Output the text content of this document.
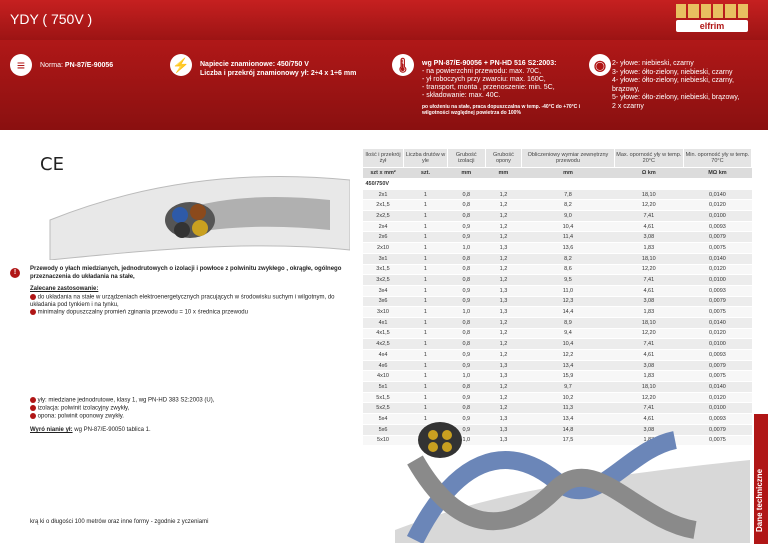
YDY ( 750V )	elfrim
≡	Norma: PN-87/E-90056	⚡	Napiecie znamionowe: 450/750 V
Liczba i przekrój znamionowy ył: 2÷4 x 1÷6 mm
🌡	wg PN-87/E-90056 + PN-HD 516 S2:2003:
- na powierzchni przewodu: max. 70C,
- ył roboczych przy zwarciu: max. 160C,
- transport, monta , przenoszenie: min. 5C,
- składowanie: max. 40C.
po ułożeniu na stałe, praca dopuszczalna w temp. -40°C do +70°C i wilgotności względnej powietrza do 100%
◉ 2- yłowe: niebieski, czarny
3- yłowe: ółto-zielony, niebieski, czarny
4- yłowe: ółto-zielony, niebieski, czarny,
brązowy,
5- yłowe: ółto-zielony, niebieski, brązowy,
2 x czarny
CE
!	Przewody o yłach miedzianych, jednodrutowych o izolacji i powłoce z polwinitu zwykłego , okrągłe, ogólnego przeznaczenia do układania na stałe,
Zalecane zastosowanie:
do układania na stałe w urządzeniach elektroenergetycznych pracujących w środowisku suchym i wilgotnym, do układania pod tynkiem i na tynku,
minimalny dopuszczalny promień zginania przewodu = 10 x średnica przewodu
Ilość i przekrój żył	Liczba drutów w yle	Grubość izolacji	Grubość opony	Obliczeniowy wymiar zewnętrzny przewodu	Max. oporność yły w temp. 20°C	Min. oporność yły w temp. 70°C
szt x mm²	szt.	mm	mm	mm	Ω km	MΩ km
450/750V						
2x1	1	0,8	1,2	7,8	18,10	0,0140
2x1,5	1	0,8	1,2	8,2	12,20	0,0120
2x2,5	1	0,8	1,2	9,0	7,41	0,0100
2x4	1	0,9	1,2	10,4	4,61	0,0093
2x6	1	0,9	1,2	11,4	3,08	0,0079
2x10	1	1,0	1,3	13,6	1,83	0,0075
3x1	1	0,8	1,2	8,2	18,10	0,0140
3x1,5	1	0,8	1,2	8,6	12,20	0,0120
3x2,5	1	0,8	1,2	9,5	7,41	0,0100
3x4	1	0,9	1,3	11,0	4,61	0,0093
3x6	1	0,9	1,3	12,3	3,08	0,0079
3x10	1	1,0	1,3	14,4	1,83	0,0075
4x1	1	0,8	1,2	8,9	18,10	0,0140
4x1,5	1	0,8	1,2	9,4	12,20	0,0120
4x2,5	1	0,8	1,2	10,4	7,41	0,0100
4x4	1	0,9	1,2	12,2	4,61	0,0093
4x6	1	0,9	1,3	13,4	3,08	0,0079
4x10	1	1,0	1,3	15,9	1,83	0,0075
5x1	1	0,8	1,2	9,7	18,10	0,0140
5x1,5	1	0,9	1,2	10,2	12,20	0,0120
5x2,5	1	0,8	1,2	11,3	7,41	0,0100
5x4	1	0,9	1,3	13,4	4,61	0,0093
5x6		0,9	1,3	14,8	3,08	0,0079
5x10		1,0	1,3	17,5	1,83	0,0075
yły: miedziane jednodrutowe, klasy 1, wg PN-HD 383 S2:2003 (U),
izolacja: polwinit izolacyjny zwykły,
opona: polwinit oponowy zwykły.
Wyró nianie ył: wg PN-87/E-90050 tablica 1.
Dane techniczne
krą ki o długości 100 metrów oraz inne formy - zgodnie z yczeniami
